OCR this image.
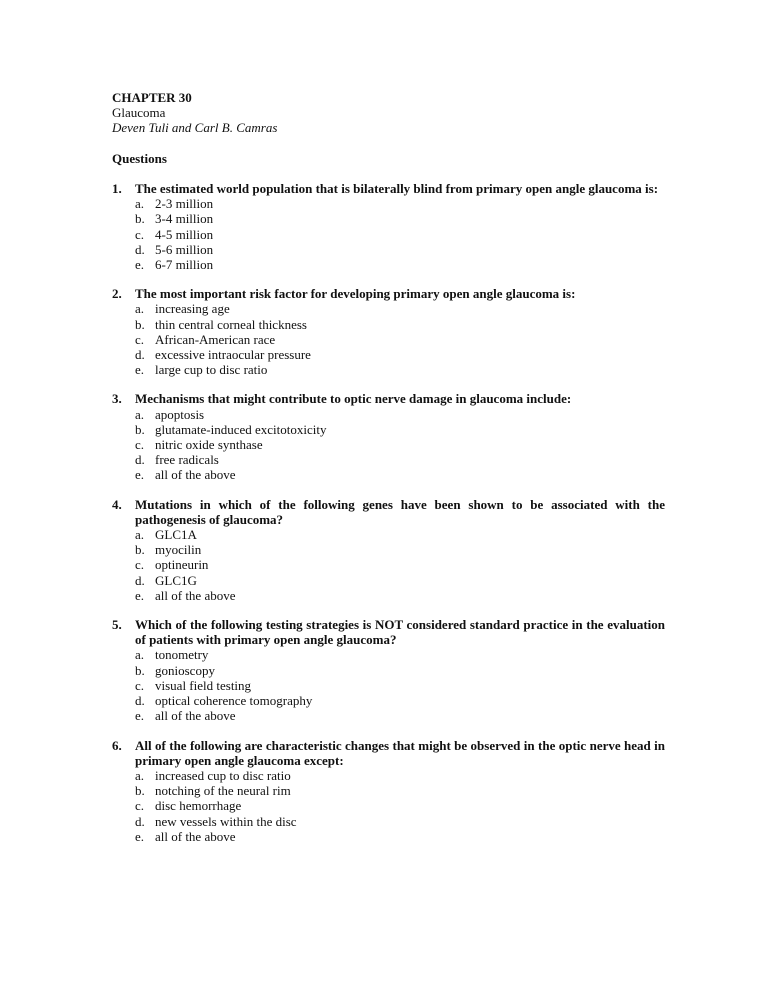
CHAPTER 30
Glaucoma
Deven Tuli and Carl B. Camras
Questions
1. The estimated world population that is bilaterally blind from primary open angle glaucoma is:
a. 2-3 million
b. 3-4 million
c. 4-5 million
d. 5-6 million
e. 6-7 million
2. The most important risk factor for developing primary open angle glaucoma is:
a. increasing age
b. thin central corneal thickness
c. African-American race
d. excessive intraocular pressure
e. large cup to disc ratio
3. Mechanisms that might contribute to optic nerve damage in glaucoma include:
a. apoptosis
b. glutamate-induced excitotoxicity
c. nitric oxide synthase
d. free radicals
e. all of the above
4. Mutations in which of the following genes have been shown to be associated with the pathogenesis of glaucoma?
a. GLC1A
b. myocilin
c. optineurin
d. GLC1G
e. all of the above
5. Which of the following testing strategies is NOT considered standard practice in the evaluation of patients with primary open angle glaucoma?
a. tonometry
b. gonioscopy
c. visual field testing
d. optical coherence tomography
e. all of the above
6. All of the following are characteristic changes that might be observed in the optic nerve head in primary open angle glaucoma except:
a. increased cup to disc ratio
b. notching of the neural rim
c. disc hemorrhage
d. new vessels within the disc
e. all of the above
